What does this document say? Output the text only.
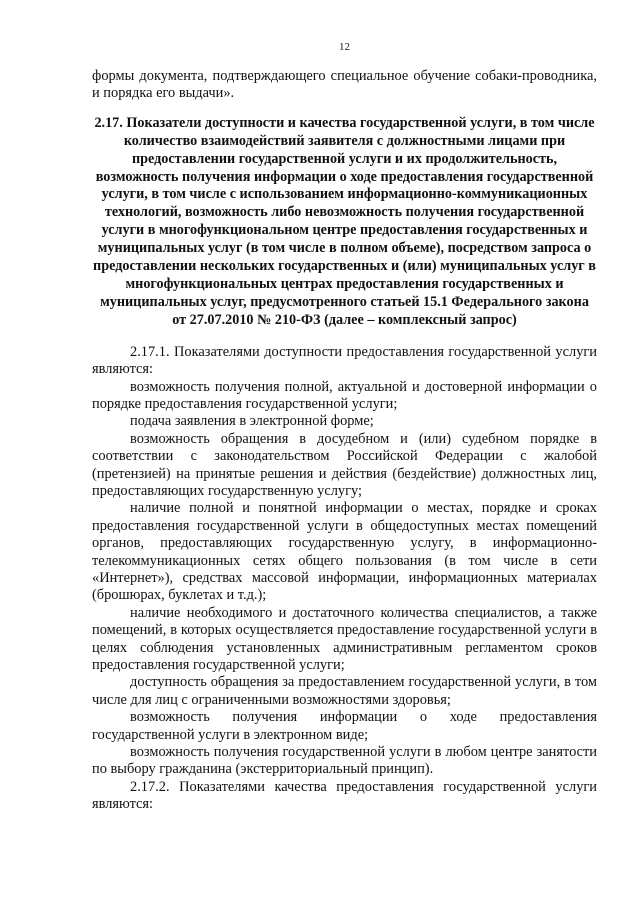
12

формы документа, подтверждающего специальное обучение собаки-проводника, и порядка его выдачи».

2.17. Показатели доступности и качества государственной услуги, в том числе количество взаимодействий заявителя с должностными лицами при предоставлении государственной услуги и их продолжительность, возможность получения информации о ходе предоставления государственной услуги, в том числе с использованием информационно-коммуникационных технологий, возможность либо невозможность получения государственной услуги в многофункциональном центре предоставления государственных и муниципальных услуг (в том числе в полном объеме), посредством запроса о предоставлении нескольких государственных и (или) муниципальных услуг в многофункциональных центрах предоставления государственных и муниципальных услуг, предусмотренного статьей 15.1 Федерального закона от 27.07.2010 № 210-ФЗ (далее – комплексный запрос)

2.17.1. Показателями доступности предоставления государственной услуги являются:

возможность получения полной, актуальной и достоверной информации о порядке предоставления государственной услуги;

подача заявления в электронной форме;

возможность обращения в досудебном и (или) судебном порядке в соответствии с законодательством Российской Федерации с жалобой (претензией) на принятые решения и действия (бездействие) должностных лиц, предоставляющих государственную услугу;

наличие полной и понятной информации о местах, порядке и сроках предоставления государственной услуги в общедоступных местах помещений органов, предоставляющих государственную услугу, в информационно-телекоммуникационных сетях общего пользования (в том числе в сети «Интернет»), средствах массовой информации, информационных материалах (брошюрах, буклетах и т.д.);

наличие необходимого и достаточного количества специалистов, а также помещений, в которых осуществляется предоставление государственной услуги в целях соблюдения установленных административным регламентом сроков предоставления государственной услуги;

доступность обращения за предоставлением государственной услуги, в том числе для лиц с ограниченными возможностями здоровья;

возможность получения информации о ходе предоставления государственной услуги в электронном виде;

возможность получения государственной услуги в любом центре занятости по выбору гражданина (экстерриториальный принцип).

2.17.2. Показателями качества предоставления государственной услуги являются:
